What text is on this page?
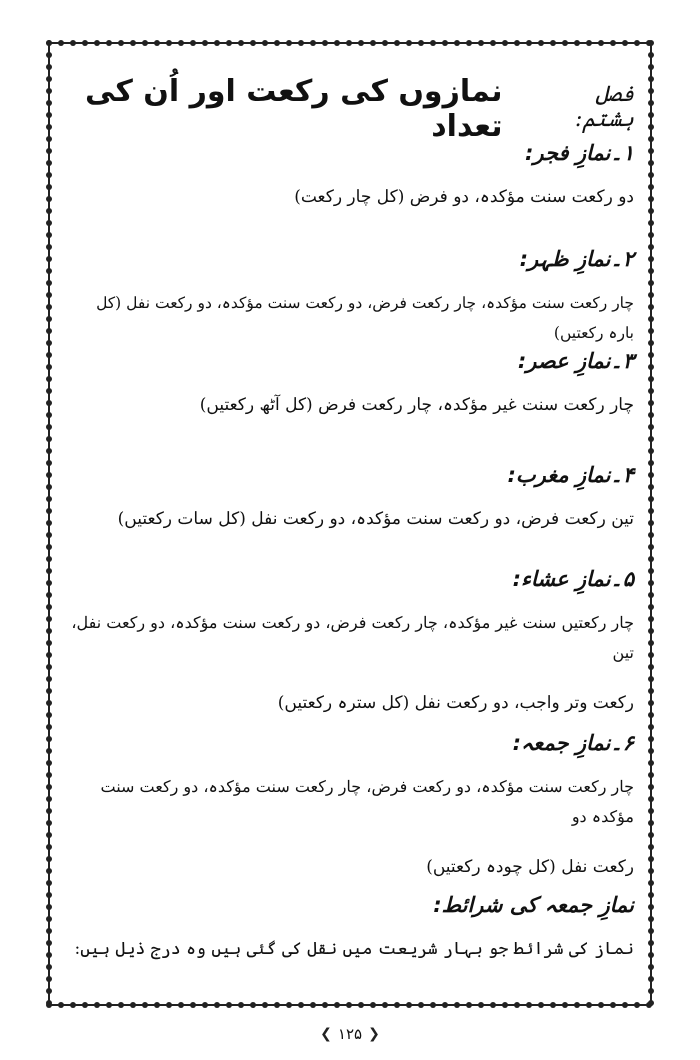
فصل ہشتم:
نمازوں کی رکعت اور اُن کی تعداد
۱۔نمازِ فجر:
دو رکعت سنت مؤکدہ، دو فرض (کل چار رکعت)
۲۔نمازِ ظہر:
چار رکعت سنت مؤکدہ، چار رکعت فرض، دو رکعت سنت مؤکدہ، دو رکعت نفل (کل بارہ رکعتیں)
۳۔نمازِ عصر:
چار رکعت سنت غیر مؤکدہ، چار رکعت فرض (کل آٹھ رکعتیں)
۴۔نمازِ مغرب:
تین رکعت فرض، دو رکعت سنت مؤکدہ، دو رکعت نفل (کل سات رکعتیں)
۵۔نمازِ عشاء:
چار رکعتیں سنت غیر مؤکدہ، چار رکعت فرض، دو رکعت سنت مؤکدہ، دو رکعت نفل، تین
رکعت وتر واجب، دو رکعت نفل (کل سترہ رکعتیں)
۶۔نمازِ جمعہ:
چار رکعت سنت مؤکدہ، دو رکعت فرض، چار رکعت سنت مؤکدہ، دو رکعت سنت مؤکدہ دو
رکعت نفل (کل چودہ رکعتیں)
نمازِ جمعہ کی شرائط:
نماز کی شرائط جو بہار شریعت میں نقل کی گئی ہیں وہ درج ذیل ہیں:
❮ ۱۲۵ ❯
